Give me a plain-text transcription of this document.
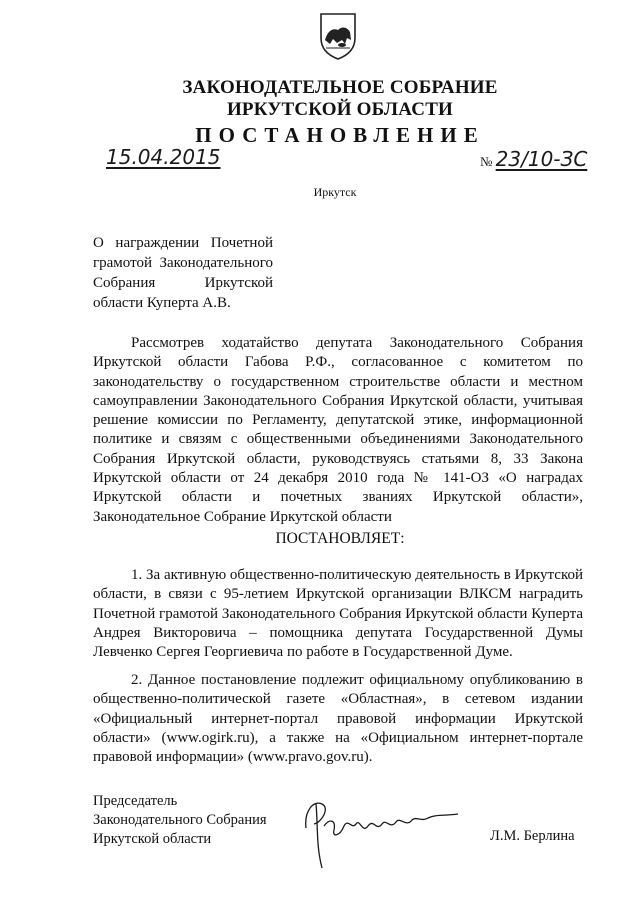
ЗАКОНОДАТЕЛЬНОЕ СОБРАНИЕ
ИРКУТСКОЙ ОБЛАСТИ
ПОСТАНОВЛЕНИЕ
15.04.2015	№ 23/10-ЗС
Иркутск
О награждении Почетной грамотой Законодательного Собрания Иркутской области Куперта А.В.
Рассмотрев ходатайство депутата Законодательного Собрания Иркутской области Габова Р.Ф., согласованное с комитетом по законодательству о государственном строительстве области и местном самоуправлении Законодательного Собрания Иркутской области, учитывая решение комиссии по Регламенту, депутатской этике, информационной политике и связям с общественными объединениями Законодательного Собрания Иркутской области, руководствуясь статьями 8, 33 Закона Иркутской области от 24 декабря 2010 года № 141-ОЗ «О наградах Иркутской области и почетных званиях Иркутской области», Законодательное Собрание Иркутской области
ПОСТАНОВЛЯЕТ:
1. За активную общественно-политическую деятельность в Иркутской области, в связи с 95-летием Иркутской организации ВЛКСМ наградить Почетной грамотой Законодательного Собрания Иркутской области Куперта Андрея Викторовича – помощника депутата Государственной Думы Левченко Сергея Георгиевича по работе в Государственной Думе.
2. Данное постановление подлежит официальному опубликованию в общественно-политической газете «Областная», в сетевом издании «Официальный интернет-портал правовой информации Иркутской области» (www.ogirk.ru), а также на «Официальном интернет-портале правовой информации» (www.pravo.gov.ru).
Председатель
Законодательного Собрания
Иркутской области	Л.М. Берлина
